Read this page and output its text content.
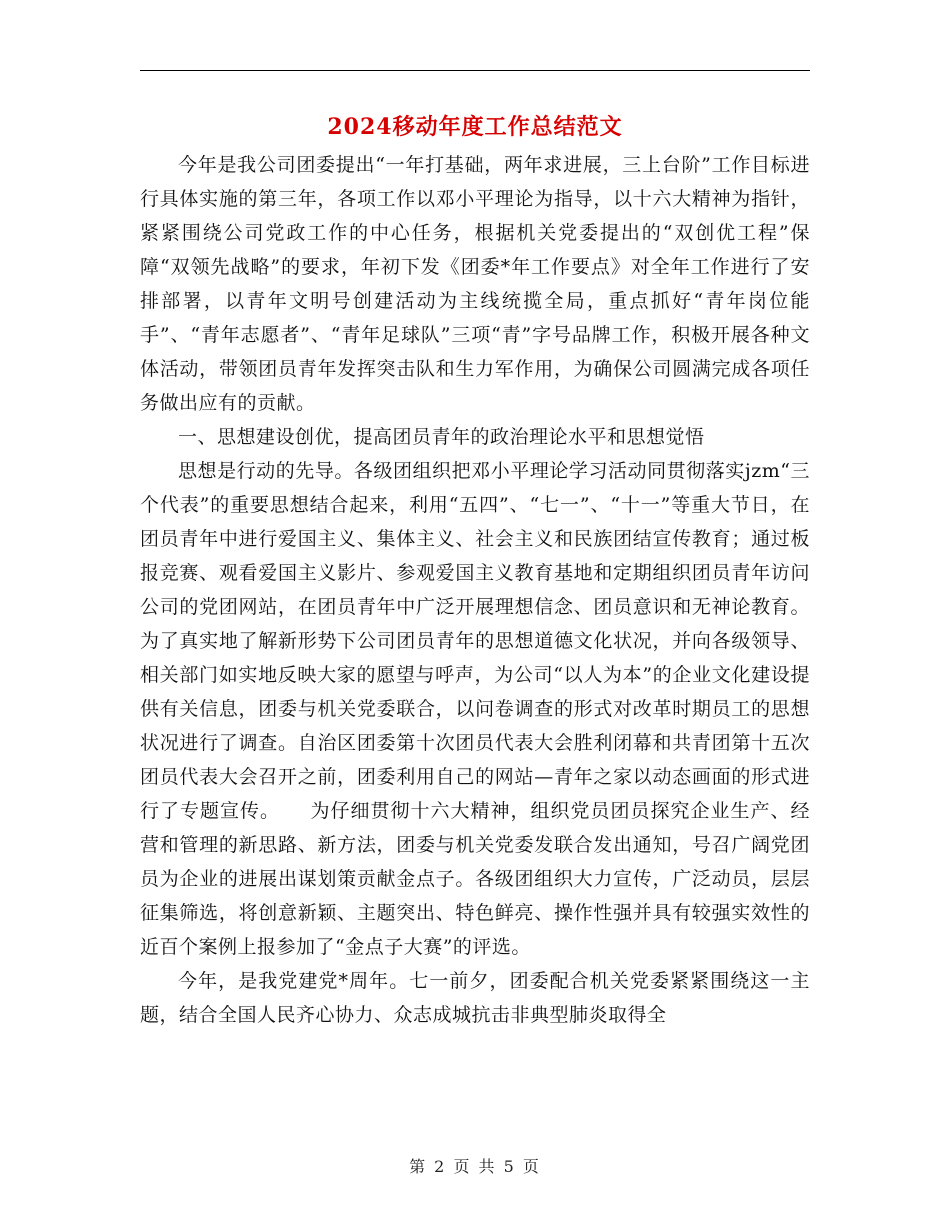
2024移动年度工作总结范文

今年是我公司团委提出“一年打基础，两年求进展，三上台阶”工作目标进行具体实施的第三年，各项工作以邓小平理论为指导，以十六大精神为指针，紧紧围绕公司党政工作的中心任务，根据机关党委提出的“双创优工程”保障“双领先战略”的要求，年初下发《团委*年工作要点》对全年工作进行了安排部署，以青年文明号创建活动为主线统揽全局，重点抓好“青年岗位能手”、“青年志愿者”、“青年足球队”三项“青”字号品牌工作，积极开展各种文体活动，带领团员青年发挥突击队和生力军作用，为确保公司圆满完成各项任务做出应有的贡献。

一、思想建设创优，提高团员青年的政治理论水平和思想觉悟

思想是行动的先导。各级团组织把邓小平理论学习活动同贯彻落实jzm“三个代表”的重要思想结合起来，利用“五四”、“七一”、“十一”等重大节日，在团员青年中进行爱国主义、集体主义、社会主义和民族团结宣传教育；通过板报竞赛、观看爱国主义影片、参观爱国主义教育基地和定期组织团员青年访问公司的党团网站，在团员青年中广泛开展理想信念、团员意识和无神论教育。为了真实地了解新形势下公司团员青年的思想道德文化状况，并向各级领导、相关部门如实地反映大家的愿望与呼声，为公司“以人为本”的企业文化建设提供有关信息，团委与机关党委联合，以问卷调查的形式对改革时期员工的思想状况进行了调查。自治区团委第十次团员代表大会胜利闭幕和共青团第十五次团员代表大会召开之前，团委利用自己的网站—青年之家以动态画面的形式进行了专题宣传。　　为仔细贯彻十六大精神，组织党员团员探究企业生产、经营和管理的新思路、新方法，团委与机关党委发联合发出通知，号召广阔党团员为企业的进展出谋划策贡献金点子。各级团组织大力宣传，广泛动员，层层征集筛选，将创意新颖、主题突出、特色鲜亮、操作性强并具有较强实效性的近百个案例上报参加了“金点子大赛”的评选。

今年，是我党建党*周年。七一前夕，团委配合机关党委紧紧围绕这一主题，结合全国人民齐心协力、众志成城抗击非典型肺炎取得全

第 2 页 共 5 页
